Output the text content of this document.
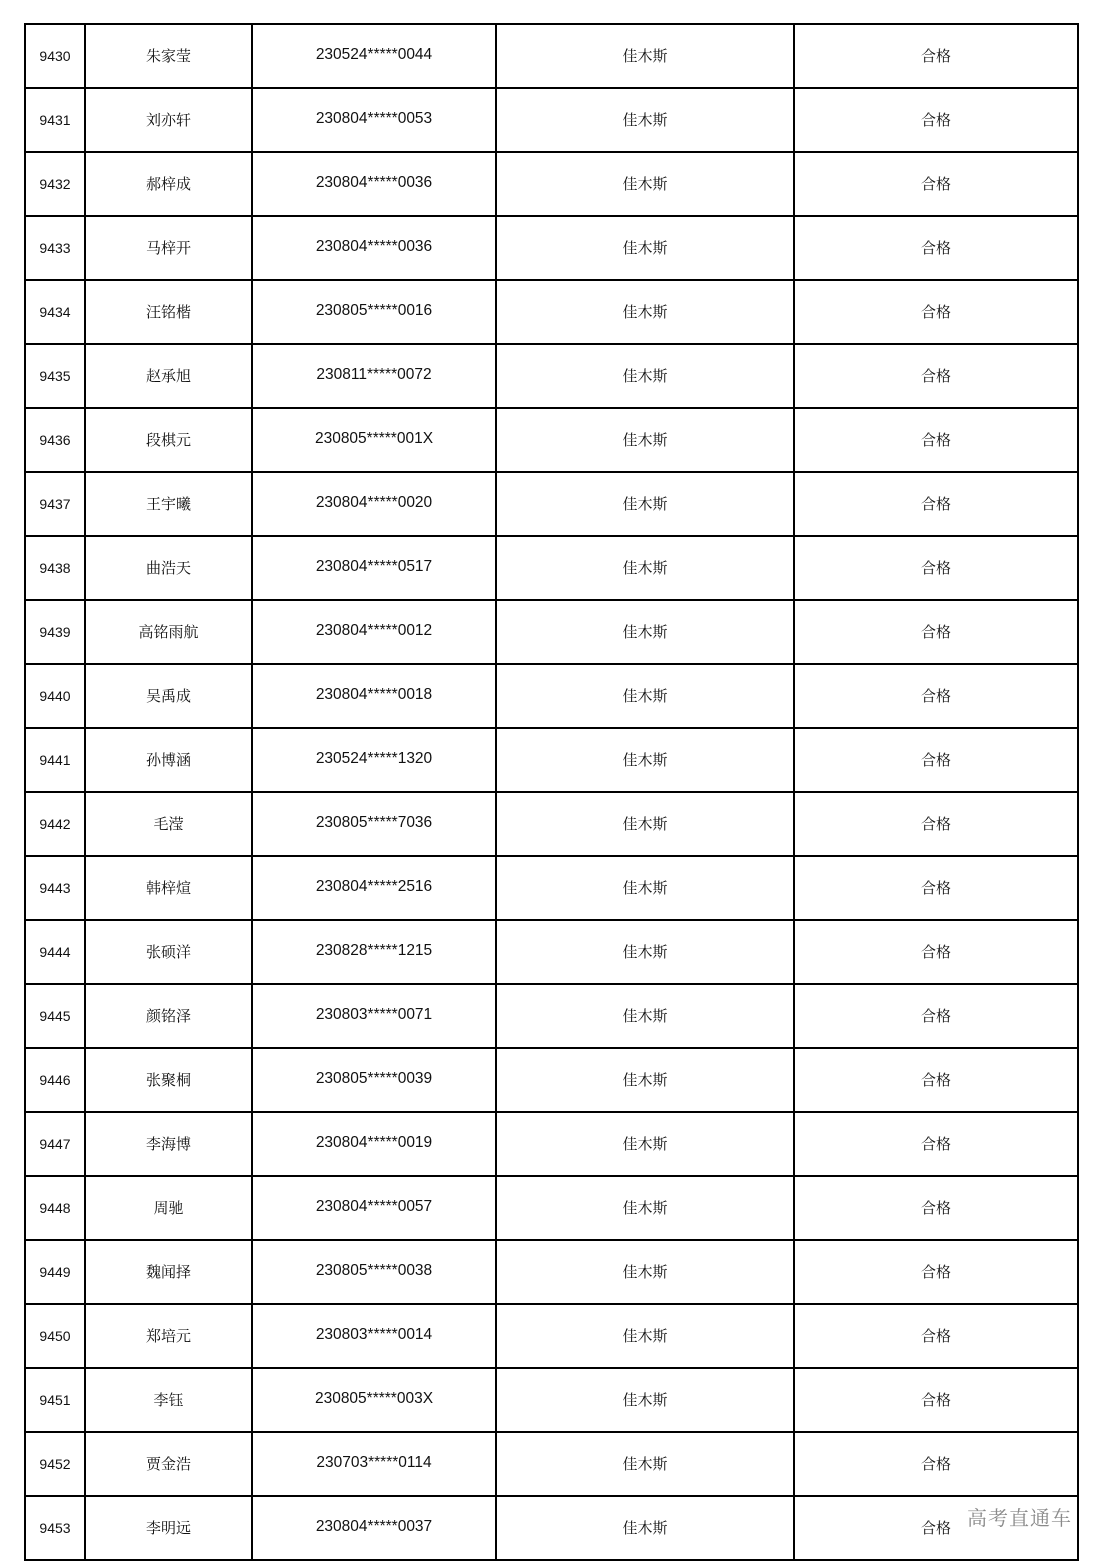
9430	朱家莹	230524*****0044	佳木斯	合格
9431	刘亦轩	230804*****0053	佳木斯	合格
9432	郝梓成	230804*****0036	佳木斯	合格
9433	马梓开	230804*****0036	佳木斯	合格
9434	汪铭楷	230805*****0016	佳木斯	合格
9435	赵承旭	230811*****0072	佳木斯	合格
9436	段棋元	230805*****001X	佳木斯	合格
9437	王宇曦	230804*****0020	佳木斯	合格
9438	曲浩天	230804*****0517	佳木斯	合格
9439	高铭雨航	230804*****0012	佳木斯	合格
9440	吴禹成	230804*****0018	佳木斯	合格
9441	孙博涵	230524*****1320	佳木斯	合格
9442	毛滢	230805*****7036	佳木斯	合格
9443	韩梓煊	230804*****2516	佳木斯	合格
9444	张硕洋	230828*****1215	佳木斯	合格
9445	颜铭泽	230803*****0071	佳木斯	合格
9446	张聚桐	230805*****0039	佳木斯	合格
9447	李海博	230804*****0019	佳木斯	合格
9448	周驰	230804*****0057	佳木斯	合格
9449	魏闻择	230805*****0038	佳木斯	合格
9450	郑培元	230803*****0014	佳木斯	合格
9451	李钰	230805*****003X	佳木斯	合格
9452	贾金浩	230703*****0114	佳木斯	合格
9453	李明远	230804*****0037	佳木斯	合格 高考直通车
